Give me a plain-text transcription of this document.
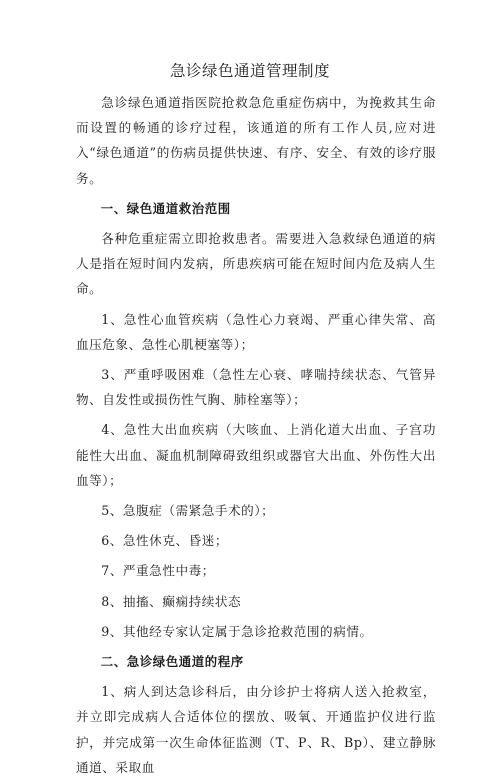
急诊绿色通道管理制度

急诊绿色通道指医院抢救急危重症伤病中，为挽救其生命而设置的畅通的诊疗过程，该通道的所有工作人员,应对进入“绿色通道”的伤病员提供快速、有序、安全、有效的诊疗服务。

一、绿色通道救治范围

各种危重症需立即抢救患者。需要进入急救绿色通道的病人是指在短时间内发病，所患疾病可能在短时间内危及病人生命。

1、急性心血管疾病（急性心力衰竭、严重心律失常、高血压危象、急性心肌梗塞等）；

3、严重呼吸困难（急性左心衰、哮喘持续状态、气管异物、自发性或损伤性气胸、肺栓塞等）；

4、急性大出血疾病（大咳血、上消化道大出血、子宫功能性大出血、凝血机制障碍致组织或器官大出血、外伤性大出血等）；

5、急腹症（需紧急手术的）；

6、急性休克、昏迷；

7、严重急性中毒；

8、抽搐、癫痫持续状态

9、其他经专家认定属于急诊抢救范围的病情。

二、急诊绿色通道的程序

1、病人到达急诊科后，由分诊护士将病人送入抢救室，并立即完成病人合适体位的摆放、吸氧、开通监护仪进行监护，并完成第一次生命体征监测（T、P、R、Bp）、建立静脉通道、采取血
